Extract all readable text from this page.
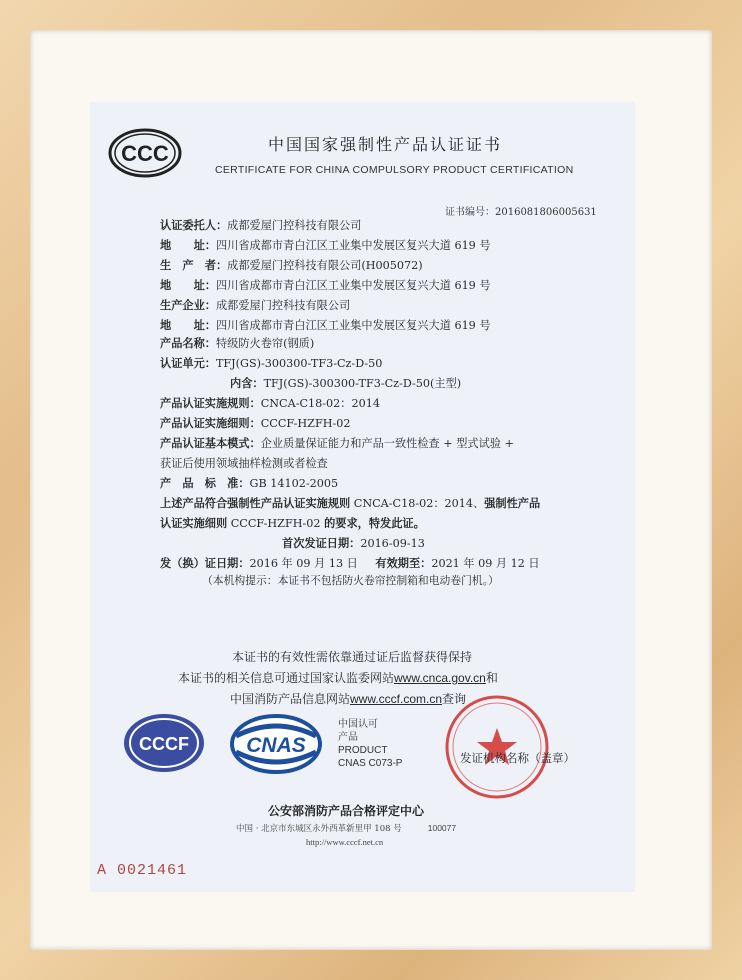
CCC	中国国家强制性产品认证证书
CERTIFICATE FOR CHINA COMPULSORY PRODUCT CERTIFICATION
证书编号：2016081806005631
认证委托人：成都爱屋门控科技有限公司
地　　址：四川省成都市青白江区工业集中发展区复兴大道 619 号
生　产　者：成都爱屋门控科技有限公司(H005072)
地　　址：四川省成都市青白江区工业集中发展区复兴大道 619 号
生产企业：成都爱屋门控科技有限公司
地　　址：四川省成都市青白江区工业集中发展区复兴大道 619 号
产品名称：特级防火卷帘(钢质)
认证单元：TFJ(GS)-300300-TF3-Cz-D-50
内含：TFJ(GS)-300300-TF3-Cz-D-50(主型)
产品认证实施规则：CNCA-C18-02：2014
产品认证实施细则：CCCF-HZFH-02
产品认证基本模式：企业质量保证能力和产品一致性检查 + 型式试验 +
获证后使用领域抽样检测或者检查
产　品　标　准：GB 14102-2005
上述产品符合强制性产品认证实施规则 CNCA-C18-02：2014、强制性产品
认证实施细则 CCCF-HZFH-02 的要求，特发此证。
首次发证日期：2016-09-13
发（换）证日期：2016 年 09 月 13 日 有效期至：2021 年 09 月 12 日
（本机构提示：本证书不包括防火卷帘控制箱和电动卷门机。）
本证书的有效性需依靠通过证后监督获得保持
本证书的相关信息可通过国家认监委网站www.cnca.gov.cn和
中国消防产品信息网站www.cccf.com.cn查询
CCCF	CNAS
中国认可
产品
PRODUCT
CNAS C073-P	发证机构名称（盖章）
公安部消防产品合格评定中心
中国 · 北京市东城区永外西革新里甲 108 号	100077
http://www.cccf.net.cn
A 0021461
